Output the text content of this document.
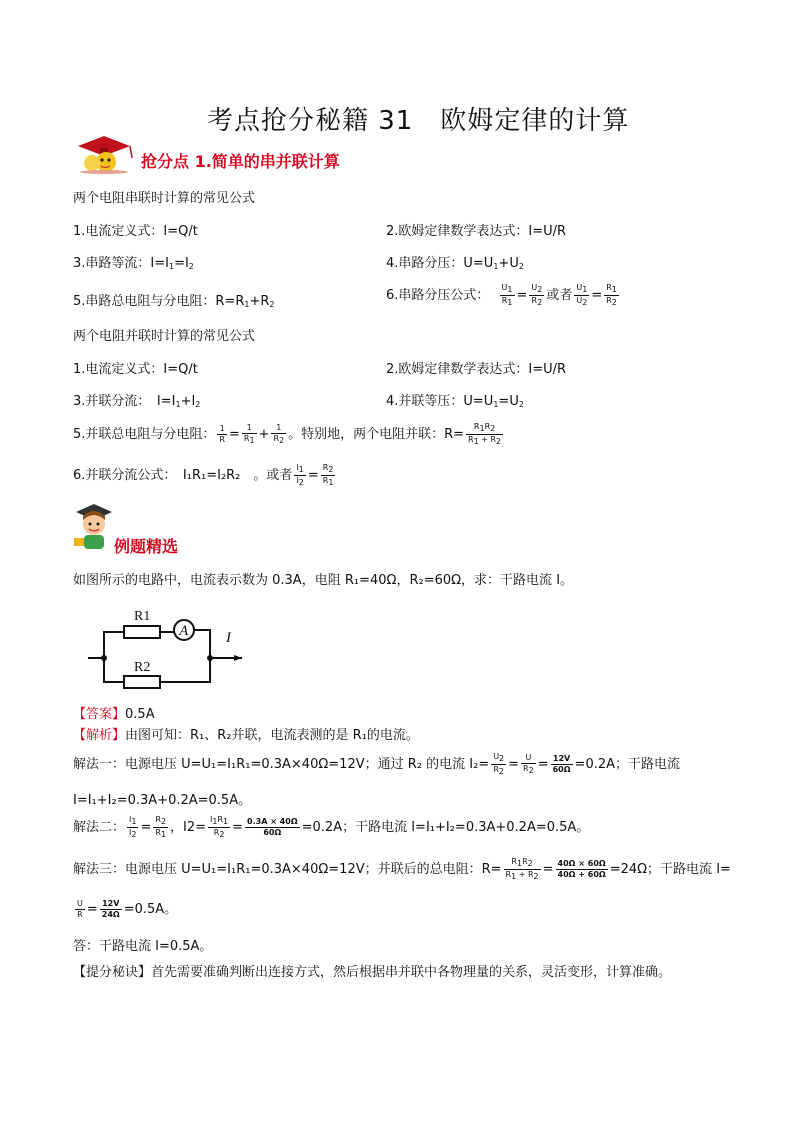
考点抢分秘籍 31　欧姆定律的计算
抢分点 1.简单的串并联计算
两个电阻串联时计算的常见公式
1.电流定义式：I=Q/t	2.欧姆定律数学表达式：I=U/R
3.串路等流：$I=I_1=I_2$	4.串路分压：$U=U_1+U_2$
5.串路总电阻与分电阻：$R=R_1+R_2$
6.串路分压公式： $\frac{U_1}{R_1} = \frac{U_2}{R_2}$ 或者 $\frac{U_1}{U_2} = \frac{R_1}{R_2}$
两个电阻并联时计算的常见公式
1.电流定义式：I=Q/t	2.欧姆定律数学表达式：I=U/R
3.并联分流：　$I=I_1+I_2$	4.并联等压：$U=U_1=U_2$
5.并联总电阻与分电阻： $\frac{1}{R} = \frac{1}{R_1} + \frac{1}{R_2}$ 。特别地，两个电阻并联：$R= \frac{R_1R_2}{R_1 + R_2}$
6.并联分流公式：　 I₁R₁=I₂R₂　 。或者 $\frac{I_1}{I_2} = \frac{R_2}{R_1}$
例题精选
如图所示的电路中，电流表示数为 0.3A，电阻 R₁=40Ω，R₂=60Ω，求：干路电流 I。
A
R1
R2
I
【答案】0.5A
【解析】由图可知：R₁、R₂并联，电流表测的是 R₁的电流。
解法一：电源电压 U=U₁=I₁R₁=0.3A×40Ω=12V；通过 R₂ 的电流 $I_2= \frac{U_2}{R_2} = \frac{U}{R_2} = \frac{12V}{60\Omega} =0.2A$；干路电流
I=I₁+I₂=0.3A+0.2A=0.5A。
解法二： $\frac{I_1}{I_2} = \frac{R_2}{R_1}$ ，$I2= \frac{I_1R_1}{R_2} = \frac{0.3A \times 40\Omega}{60\Omega} =0.2A$；干路电流 I=I₁+I₂=0.3A+0.2A=0.5A。
解法三：电源电压 U=U₁=I₁R₁=0.3A×40Ω=12V；并联后的总电阻：$R= \frac{R_1R_2}{R_1 + R_2} = \frac{40\Omega \times 60\Omega}{40\Omega + 60\Omega} =24\Omega$；干路电流 I=
$\frac{U}{R} = \frac{12V}{24\Omega} =0.5A$。
答：干路电流 I=0.5A。
【提分秘诀】首先需要准确判断出连接方式，然后根据串并联中各物理量的关系，灵活变形，计算准确。
